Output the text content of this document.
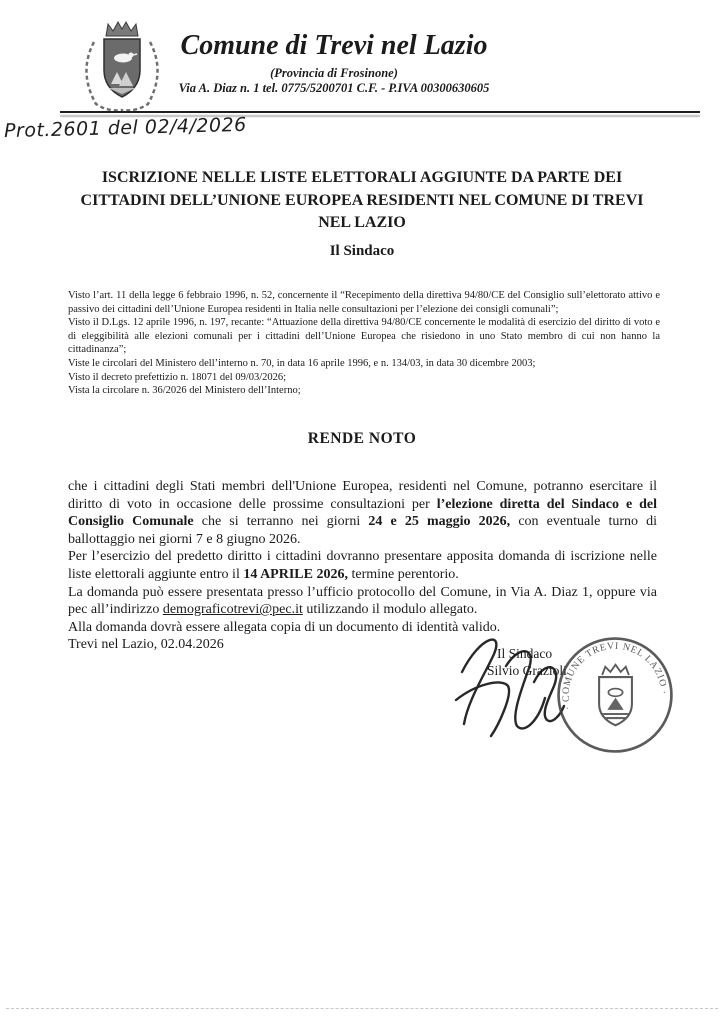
Comune di Trevi nel Lazio

(Provincia di Frosinone)

Via A. Diaz n. 1 tel. 0775/5200701 C.F. - P.IVA 00300630605

Prot.2601 del 02/4/2026
ISCRIZIONE NELLE LISTE ELETTORALI AGGIUNTE DA PARTE DEI CITTADINI DELL’UNIONE EUROPEA RESIDENTI NEL COMUNE DI TREVI NEL LAZIO
Il Sindaco

Visto l’art. 11 della legge 6 febbraio 1996, n. 52, concernente il “Recepimento della direttiva 94/80/CE del Consiglio sull’elettorato attivo e passivo dei cittadini dell’Unione Europea residenti in Italia nelle consultazioni per l’elezione dei consigli comunali”;

Visto il D.Lgs. 12 aprile 1996, n. 197, recante: “Attuazione della direttiva 94/80/CE concernente le modalità di esercizio del diritto di voto e di eleggibilità alle elezioni comunali per i cittadini dell’Unione Europea che risiedono in uno Stato membro di cui non hanno la cittadinanza”;

Viste le circolari del Ministero dell’interno n. 70, in data 16 aprile 1996, e n. 134/03, in data 30 dicembre 2003;

Visto il decreto prefettizio n. 18071 del 09/03/2026;

Vista la circolare n. 36/2026 del Ministero dell’Interno;

RENDE NOTO

che i cittadini degli Stati membri dell'Unione Europea, residenti nel Comune, potranno esercitare il diritto di voto in occasione delle prossime consultazioni per l’elezione diretta del Sindaco e del Consiglio Comunale che si terranno nei giorni 24 e 25 maggio 2026, con eventuale turno di ballottaggio nei giorni 7 e 8 giugno 2026.

Per l’esercizio del predetto diritto i cittadini dovranno presentare apposita domanda di iscrizione nelle liste elettorali aggiunte entro il 14 APRILE 2026, termine perentorio.

La domanda può essere presentata presso l’ufficio protocollo del Comune, in Via A. Diaz 1, oppure via pec all’indirizzo demograficotrevi@pec.it utilizzando il modulo allegato.

Alla domanda dovrà essere allegata copia di un documento di identità valido.

Trevi nel Lazio, 02.04.2026

Il Sindaco
Silvio Grazioli
· COMUNE TREVI NEL LAZIO ·
